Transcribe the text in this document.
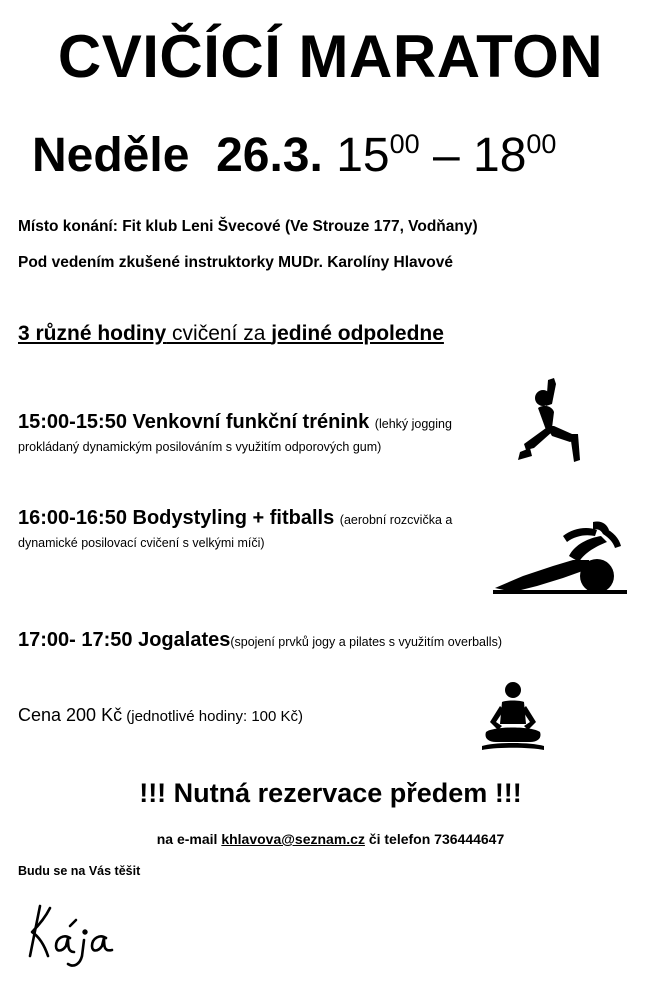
CVIČÍCÍ MARATON
Neděle 26.3. $15^{00} - 18^{00}$
Místo konání: Fit klub Leni Švecové (Ve Strouze 177, Vodňany)
Pod vedením zkušené instruktorky MUDr. Karolíny Hlavové
3 různé hodiny cvičení za jediné odpoledne
15:00-15:50 Venkovní funkční trénink (lehký jogging
prokládaný dynamickým posilováním s využitím odporových gum)
16:00-16:50 Bodystyling + fitballs (aerobní rozcvička a
dynamické posilovací cvičení s velkými míči)
17:00- 17:50 Jogalates(spojení prvků jogy a pilates s využitím overballs)
Cena 200 Kč (jednotlivé hodiny: 100 Kč)
!!! Nutná rezervace předem !!!
na e-mail khlavova@seznam.cz či telefon 736444647
Budu se na Vás těšit
